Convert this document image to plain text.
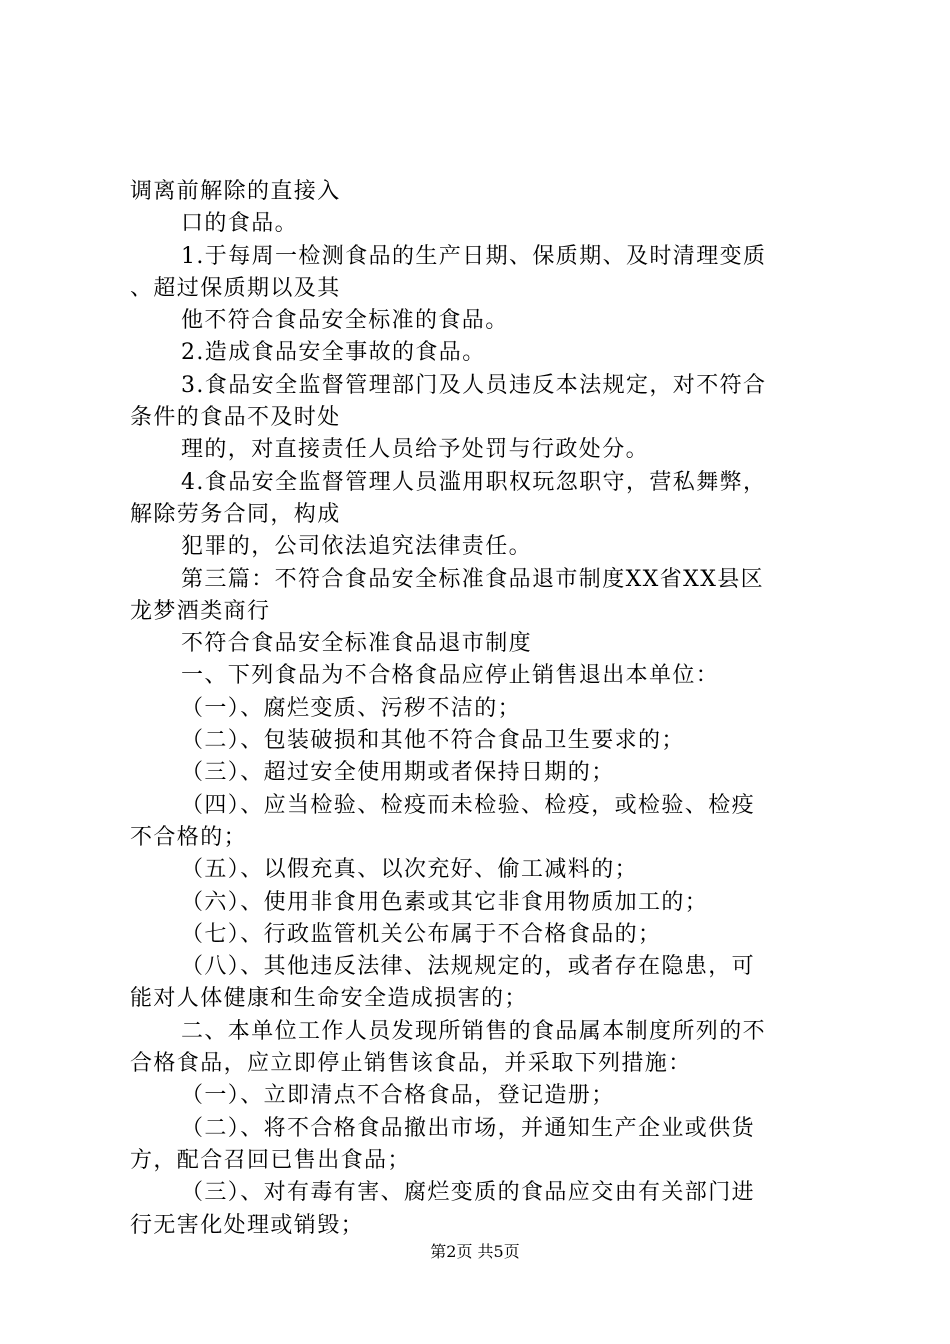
调离前解除的直接入
口的食品。
1.于每周一检测食品的生产日期、保质期、及时清理变质
、超过保质期以及其
他不符合食品安全标准的食品。
2.造成食品安全事故的食品。
3.食品安全监督管理部门及人员违反本法规定，对不符合
条件的食品不及时处
理的，对直接责任人员给予处罚与行政处分。
4.食品安全监督管理人员滥用职权玩忽职守，营私舞弊，
解除劳务合同，构成
犯罪的，公司依法追究法律责任。
第三篇：不符合食品安全标准食品退市制度XX省XX县区
龙梦酒类商行
不符合食品安全标准食品退市制度
一、下列食品为不合格食品应停止销售退出本单位：
（一）、腐烂变质、污秽不洁的；
（二）、包装破损和其他不符合食品卫生要求的；
（三）、超过安全使用期或者保持日期的；
（四）、应当检验、检疫而未检验、检疫，或检验、检疫
不合格的；
（五）、以假充真、以次充好、偷工减料的；
（六）、使用非食用色素或其它非食用物质加工的；
（七）、行政监管机关公布属于不合格食品的；
（八）、其他违反法律、法规规定的，或者存在隐患，可
能对人体健康和生命安全造成损害的；
二、本单位工作人员发现所销售的食品属本制度所列的不
合格食品，应立即停止销售该食品，并采取下列措施：
（一）、立即清点不合格食品，登记造册；
（二）、将不合格食品撤出市场，并通知生产企业或供货
方，配合召回已售出食品；
（三）、对有毒有害、腐烂变质的食品应交由有关部门进
行无害化处理或销毁；
第2页 共5页
